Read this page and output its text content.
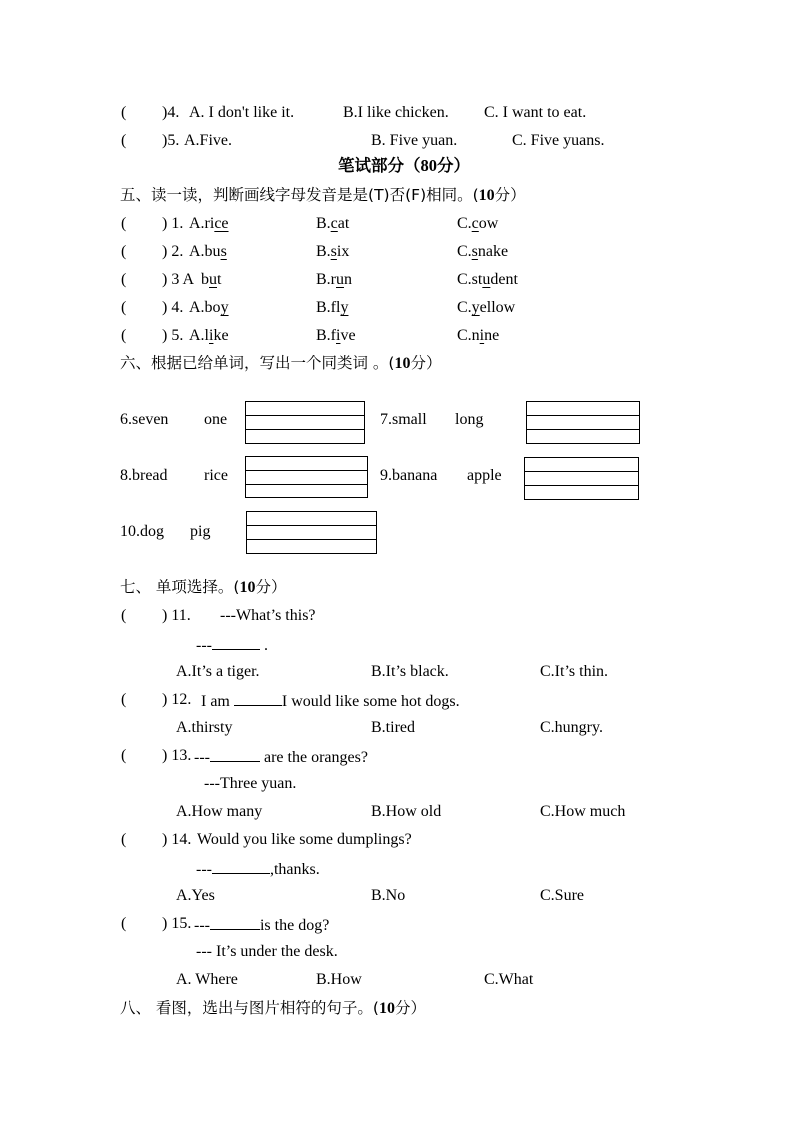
( )4. A. I don't like it.	B.I like chicken. C. I want to eat.
( )5. A.Five.	B. Five yuan.	C. Five yuans.
笔试部分（80分）
五、读一读，判断画线字母发音是是(T)否(F)相同。(10分）
( ) 1. A.rice	B.cat	C.cow
( ) 2. A.bus	B.six	C.snake
( ) 3 A but	B.run	C.student
( ) 4. A.boy	B.fly	C.yellow
( ) 5. A.like	B.five	C.nine
六、根据已给单词，写出一个同类词 。(10分）
6.seven one	7.small long
8.bread rice	9.banana apple
10.dog pig
七、 单项选择。(10分）
( ) 11. ---What’s this?
---	.
A.It’s a tiger.	B.It’s black.	C.It’s thin.
( ) 12. I am	I would like some hot dogs.
A.thirsty	B.tired	C.hungry.
( ) 13. ---	are the oranges?
---Three yuan.
A.How many	B.How old	C.How much
( ) 14. Would you like some dumplings?
---	,thanks.
A.Yes	B.No	C.Sure
( ) 15. ---	is the dog?
--- It’s under the desk.
A. Where	B.How	C.What
八、 看图，选出与图片相符的句子。(10分）
